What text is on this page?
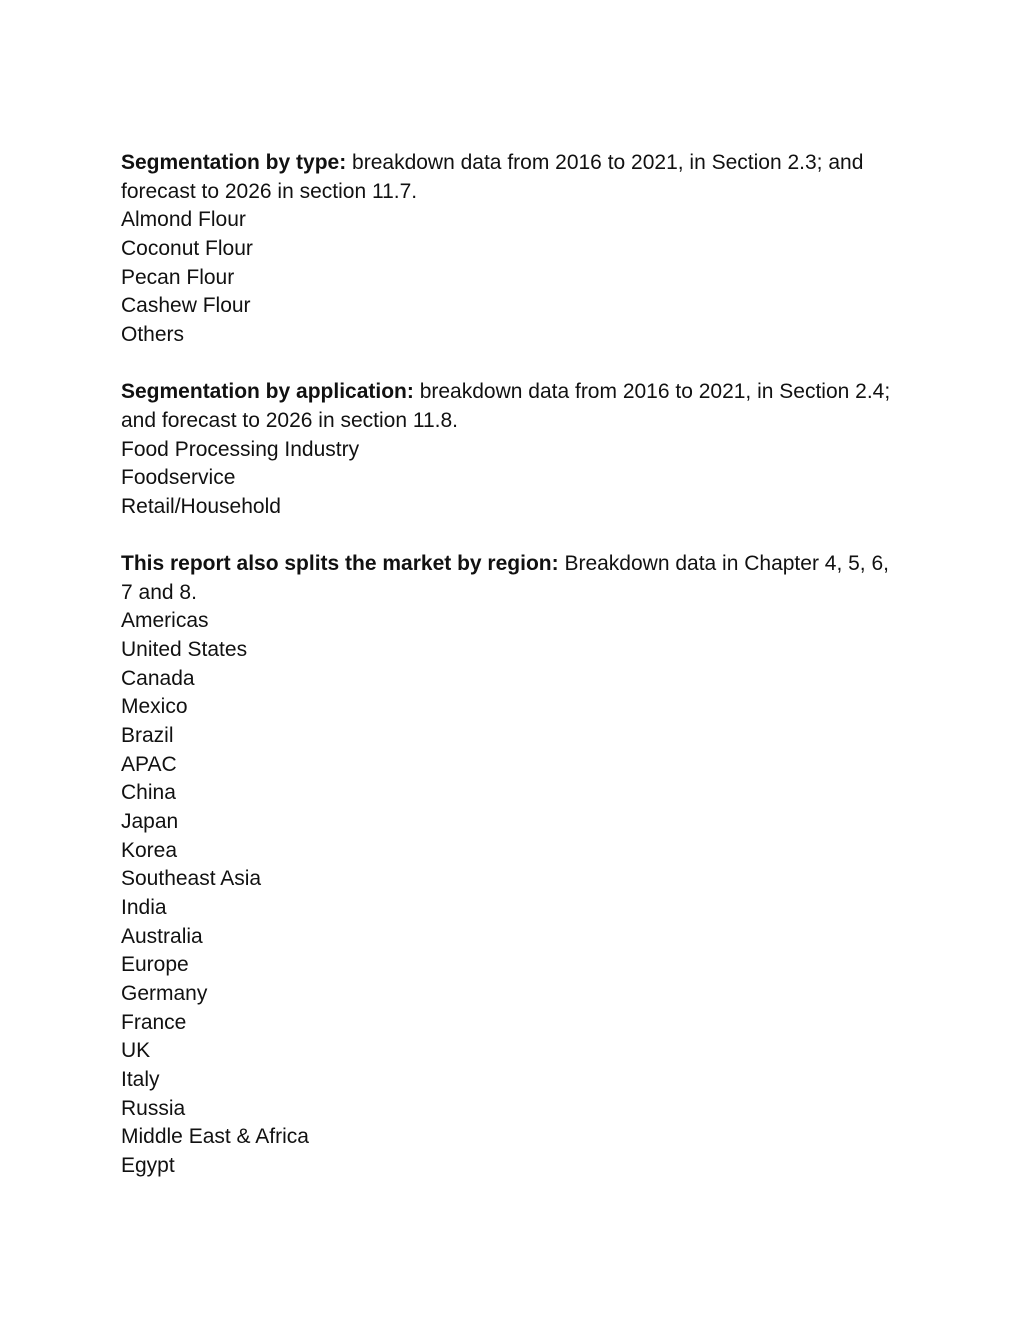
Segmentation by type: breakdown data from 2016 to 2021, in Section 2.3; and forecast to 2026 in section 11.7.

Almond Flour

Coconut Flour

Pecan Flour

Cashew Flour

Others

Segmentation by application: breakdown data from 2016 to 2021, in Section 2.4; and forecast to 2026 in section 11.8.

Food Processing Industry

Foodservice

Retail/Household

This report also splits the market by region: Breakdown data in Chapter 4, 5, 6, 7 and 8.

Americas

United States

Canada

Mexico

Brazil

APAC

China

Japan

Korea

Southeast Asia

India

Australia

Europe

Germany

France

UK

Italy

Russia

Middle East & Africa

Egypt
